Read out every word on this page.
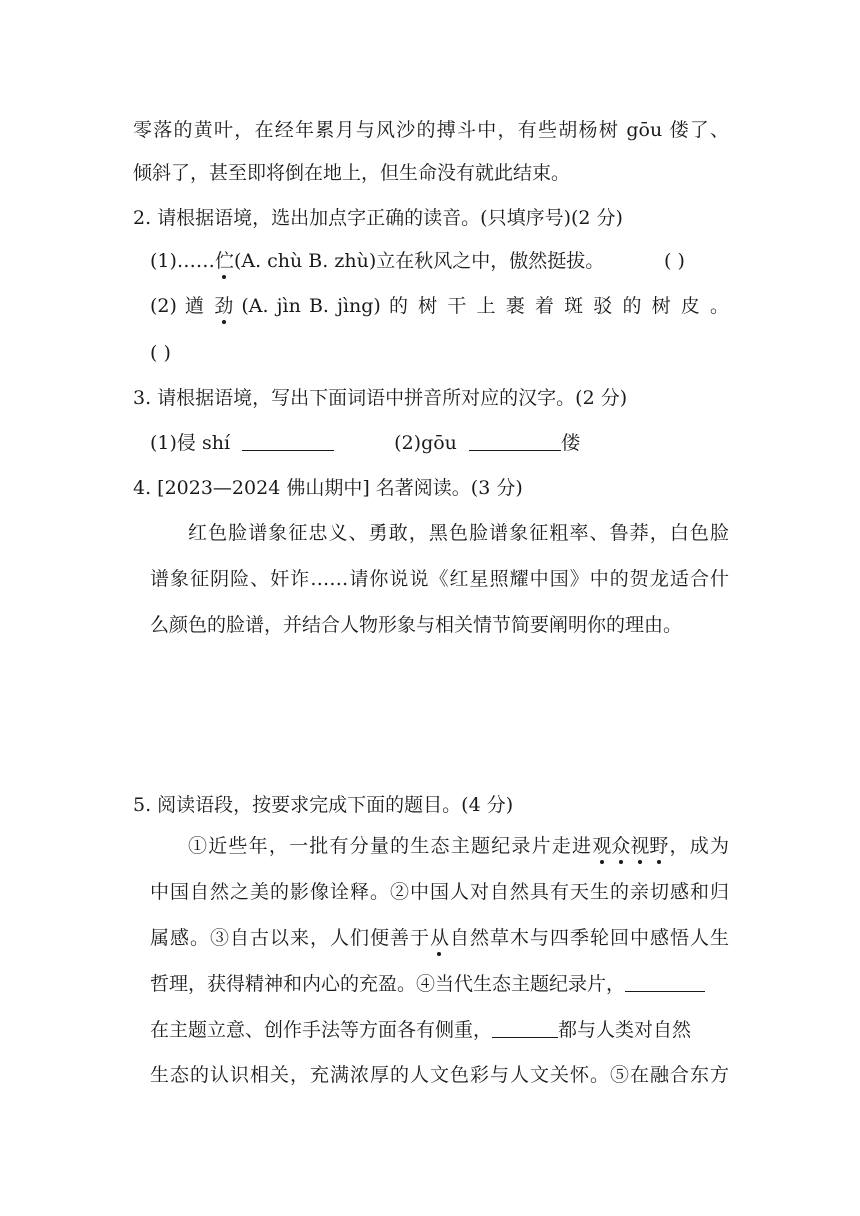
零落的黄叶，在经年累月与风沙的搏斗中，有些胡杨树 gōu 偻了、
倾斜了，甚至即将倒在地上，但生命没有就此结束。
2. 请根据语境，选出加点字正确的读音。(只填序号)(2 分)
(1)……伫(A. chù B. zhù)立在秋风之中，傲然挺拔。	( )
(2) 遒 劲 (A. jìn B. jìng) 的 树 干 上 裹 着 斑 驳 的 树 皮 。
( )
3. 请根据语境，写出下面词语中拼音所对应的汉字。(2 分)
(1)侵 shí	(2)gōu	偻
4. [2023—2024 佛山期中] 名著阅读。(3 分)
红色脸谱象征忠义、勇敢，黑色脸谱象征粗率、鲁莽，白色脸
谱象征阴险、奸诈……请你说说《红星照耀中国》中的贺龙适合什
么颜色的脸谱，并结合人物形象与相关情节简要阐明你的理由。
5. 阅读语段，按要求完成下面的题目。(4 分)
①近些年，一批有分量的生态主题纪录片走进观众视野，成为
中国自然之美的影像诠释。②中国人对自然具有天生的亲切感和归
属感。③自古以来，人们便善于从自然草木与四季轮回中感悟人生
哲理，获得精神和内心的充盈。④当代生态主题纪录片，
在主题立意、创作手法等方面各有侧重，	都与人类对自然
生态的认识相关，充满浓厚的人文色彩与人文关怀。⑤在融合东方
